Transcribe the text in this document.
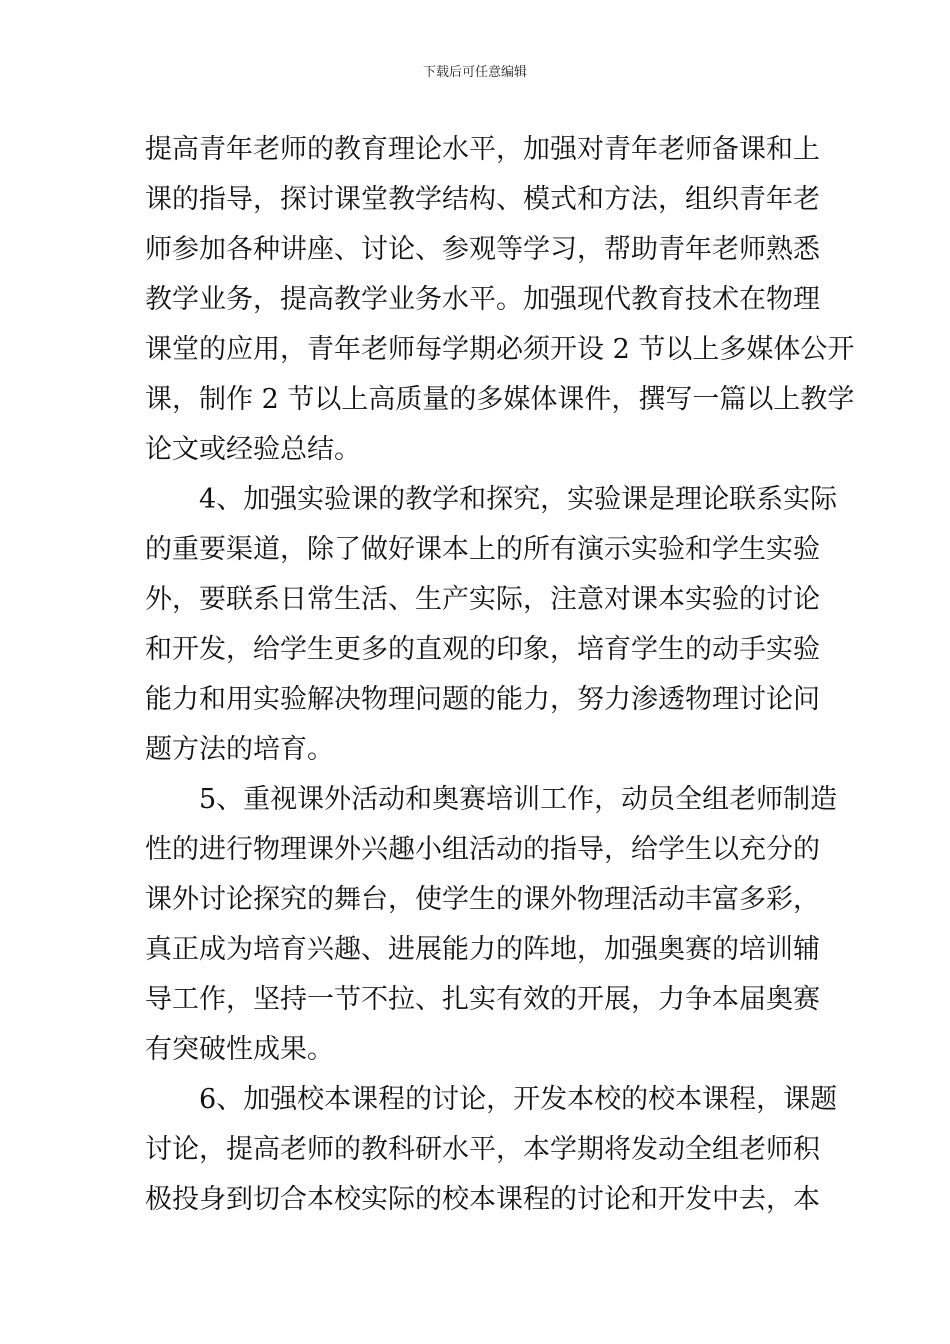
下载后可任意编辑
提高青年老师的教育理论水平，加强对青年老师备课和上
课的指导，探讨课堂教学结构、模式和方法，组织青年老
师参加各种讲座、讨论、参观等学习，帮助青年老师熟悉
教学业务，提高教学业务水平。加强现代教育技术在物理
课堂的应用，青年老师每学期必须开设 2 节以上多媒体公开
课，制作 2 节以上高质量的多媒体课件，撰写一篇以上教学
论文或经验总结。
4、加强实验课的教学和探究，实验课是理论联系实际
的重要渠道，除了做好课本上的所有演示实验和学生实验
外，要联系日常生活、生产实际，注意对课本实验的讨论
和开发，给学生更多的直观的印象，培育学生的动手实验
能力和用实验解决物理问题的能力，努力渗透物理讨论问
题方法的培育。
5、重视课外活动和奥赛培训工作，动员全组老师制造
性的进行物理课外兴趣小组活动的指导，给学生以充分的
课外讨论探究的舞台，使学生的课外物理活动丰富多彩，
真正成为培育兴趣、进展能力的阵地，加强奥赛的培训辅
导工作，坚持一节不拉、扎实有效的开展，力争本届奥赛
有突破性成果。
6、加强校本课程的讨论，开发本校的校本课程，课题
讨论，提高老师的教科研水平，本学期将发动全组老师积
极投身到切合本校实际的校本课程的讨论和开发中去，本
